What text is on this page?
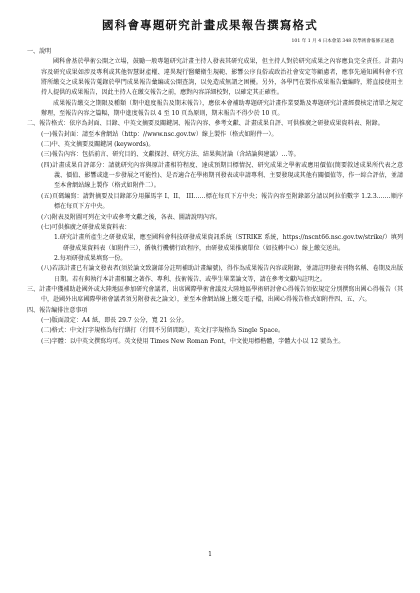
國科會專題研究計畫成果報告撰寫格式
101 年 1 月 4 日本會第 348 次學術會報修正通過
一、說明

國科會基於學術公開之立場，鼓勵一般專題研究計畫主持人發表其研究成果，但主持人對於研究成果之內容應負完全責任。計畫內容及研究成果如涉及專利或其他智慧財產權、違異現行醫藥衛生規範、影響公序良俗或政治社會安定等顧慮者，應事先通知國科會不宜將所繳交之成果報告蒐錄於學門成果報告彙編或公開查詢，以免造成無謂之困擾。另外，各學門在製作成果報告彙編時，將直接使用主持人提供的成果報告，因此主持人在繳交報告之前，應對內容詳細校對，以確定其正確性。

成果報告繳交之期限及種類（期中進度報告及期末報告），應依本會補助專題研究計畫作業要點及專題研究計畫經費核定清單之規定辦理，至報告內容之篇幅，期中進度報告以 4 至 10 頁為原則，期末報告不得少於 10 頁。

二、報告格式：依序為封面、目錄、中英文摘要及關鍵詞、報告內容、參考文獻、計畫成果自評、可供推廣之研發成果資料表、附錄。

(一)報告封面：請至本會網站（http：//www.nsc.gov.tw）線上製作（格式如附件一）。

(二)中、英文摘要及關鍵詞 (keywords)。

(三)報告內容：包括前言、研究目的、文獻探討、研究方法、結果與討論（含結論與建議）…等。

(四)計畫成果自評部分：請就研究內容與原計畫相符程度、達成預期目標情況、研究成果之學術或應用價值(簡要敘述成果所代表之意義、價值、影響或進一步發展之可能性)、是否適合在學術期刊發表或申請專利、主要發現或其他有關價值等，作一綜合評估，並請至本會網站線上製作（格式如附件二）。

(五)頁碼編寫：請對摘要及目錄部分用羅馬字 I、II、 III……標在每頁下方中央；報告內容至附錄部分請以阿拉伯數字 1.2.3.……順序標在每頁下方中央。

(六)附表及附圖可列在文中或參考文獻之後，各表、圖請說明內容。

(七)可供推廣之研發成果資料表：

1.研究計畫所產生之研發成果，應至國科會科技研發成果資訊系統（STRIKE 系統，https://nscnt66.nsc.gov.tw/strike/）填列研發成果資料表（如附件三），循執行機構行政程序，由研發成果推廣單位（如技轉中心）線上繳交送出。

2.每項研發成果填寫一份。

(八)若該計畫已有論文發表者(須於論文致謝部分註明補助計畫編號)，得作為成果報告內容或附錄，並請註明發表刊物名稱、卷期及出版日期。若有與執行本計畫相關之著作、專利、技術報告、或學生畢業論文等，請在參考文獻內註明之。

三、計畫中獲補助赴國外或大陸地區參加研究會議者，出席國際學術會議及大陸地區學術研討會心得報告須依規定分別撰寫出國心得報告（其中，赴國外出席國際學術會議者須另附發表之論文），並至本會網站線上繳交電子檔，出國心得報告格式如附件四、五、六。
四、報告編排注意事項

(一)版面設定：A4 紙，即長 29.7 公分，寬 21 公分。

(二)格式：中文打字規格為每行繕打（行間不另留間距），英文打字規格為 Single Space。

(三)字體：以中英文撰寫均可。英文使用 Times New Roman Font，中文使用標楷體，字體大小以 12 號為主。

1
